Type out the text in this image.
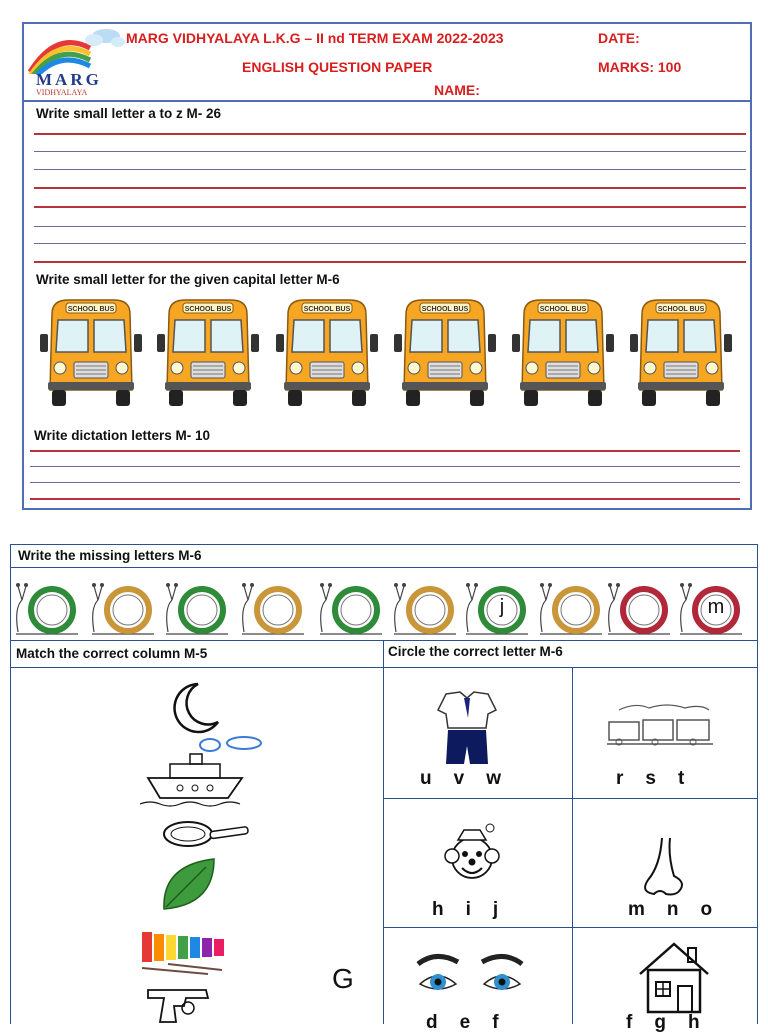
MARG
VIDHYALAYA
MARG VIDHYALAYA L.K.G – II nd TERM EXAM 2022-2023	DATE:
ENGLISH QUESTION PAPER	MARKS: 100
NAME:
Write small letter a to z M- 26
Write small letter for the given capital letter M-6
SCHOOL BUS	SCHOOL BUS	SCHOOL BUS	SCHOOL BUS	SCHOOL BUS	SCHOOL BUS
Write dictation letters M- 10
Write the missing letters M-6
j	m
Match the correct column M-5	Circle the correct letter M-6
G
u v w	r s t
h i j	m n o
d e f	f g h
